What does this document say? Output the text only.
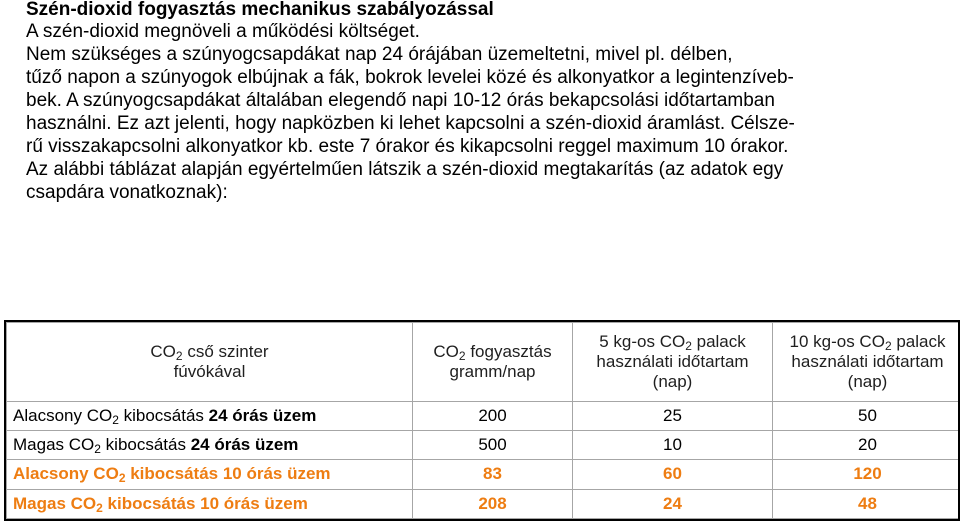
Szén-dioxid fogyasztás mechanikus szabályozással
A szén-dioxid megnöveli a működési költséget.
Nem szükséges a szúnyogcsapdákat nap 24 órájában üzemeltetni, mivel pl. délben,
tűző napon a szúnyogok elbújnak a fák, bokrok levelei közé és alkonyatkor a legintenzíveb-
bek. A szúnyogcsapdákat általában elegendő napi 10-12 órás bekapcsolási időtartamban
használni. Ez azt jelenti, hogy napközben ki lehet kapcsolni a szén-dioxid áramlást. Célsze-
rű visszakapcsolni alkonyatkor kb. este 7 órakor és kikapcsolni reggel maximum 10 órakor.
Az alábbi táblázat alapján egyértelműen látszik a szén-dioxid megtakarítás (az adatok egy
csapdára vonatkoznak):
$CO_2$ cső szinter
fúvókával	$CO_2$ fogyasztás
gramm/nap	5 kg-os $CO_2$ palack
használati időtartam
(nap)	10 kg-os $CO_2$ palack
használati időtartam
(nap)
Alacsony $CO_2$ kibocsátás 24 órás üzem	200	25	50
Magas $CO_2$ kibocsátás 24 órás üzem	500	10	20
Alacsony $CO_2$ kibocsátás 10 órás üzem	83	60	120
Magas $CO_2$ kibocsátás 10 órás üzem	208	24	48
